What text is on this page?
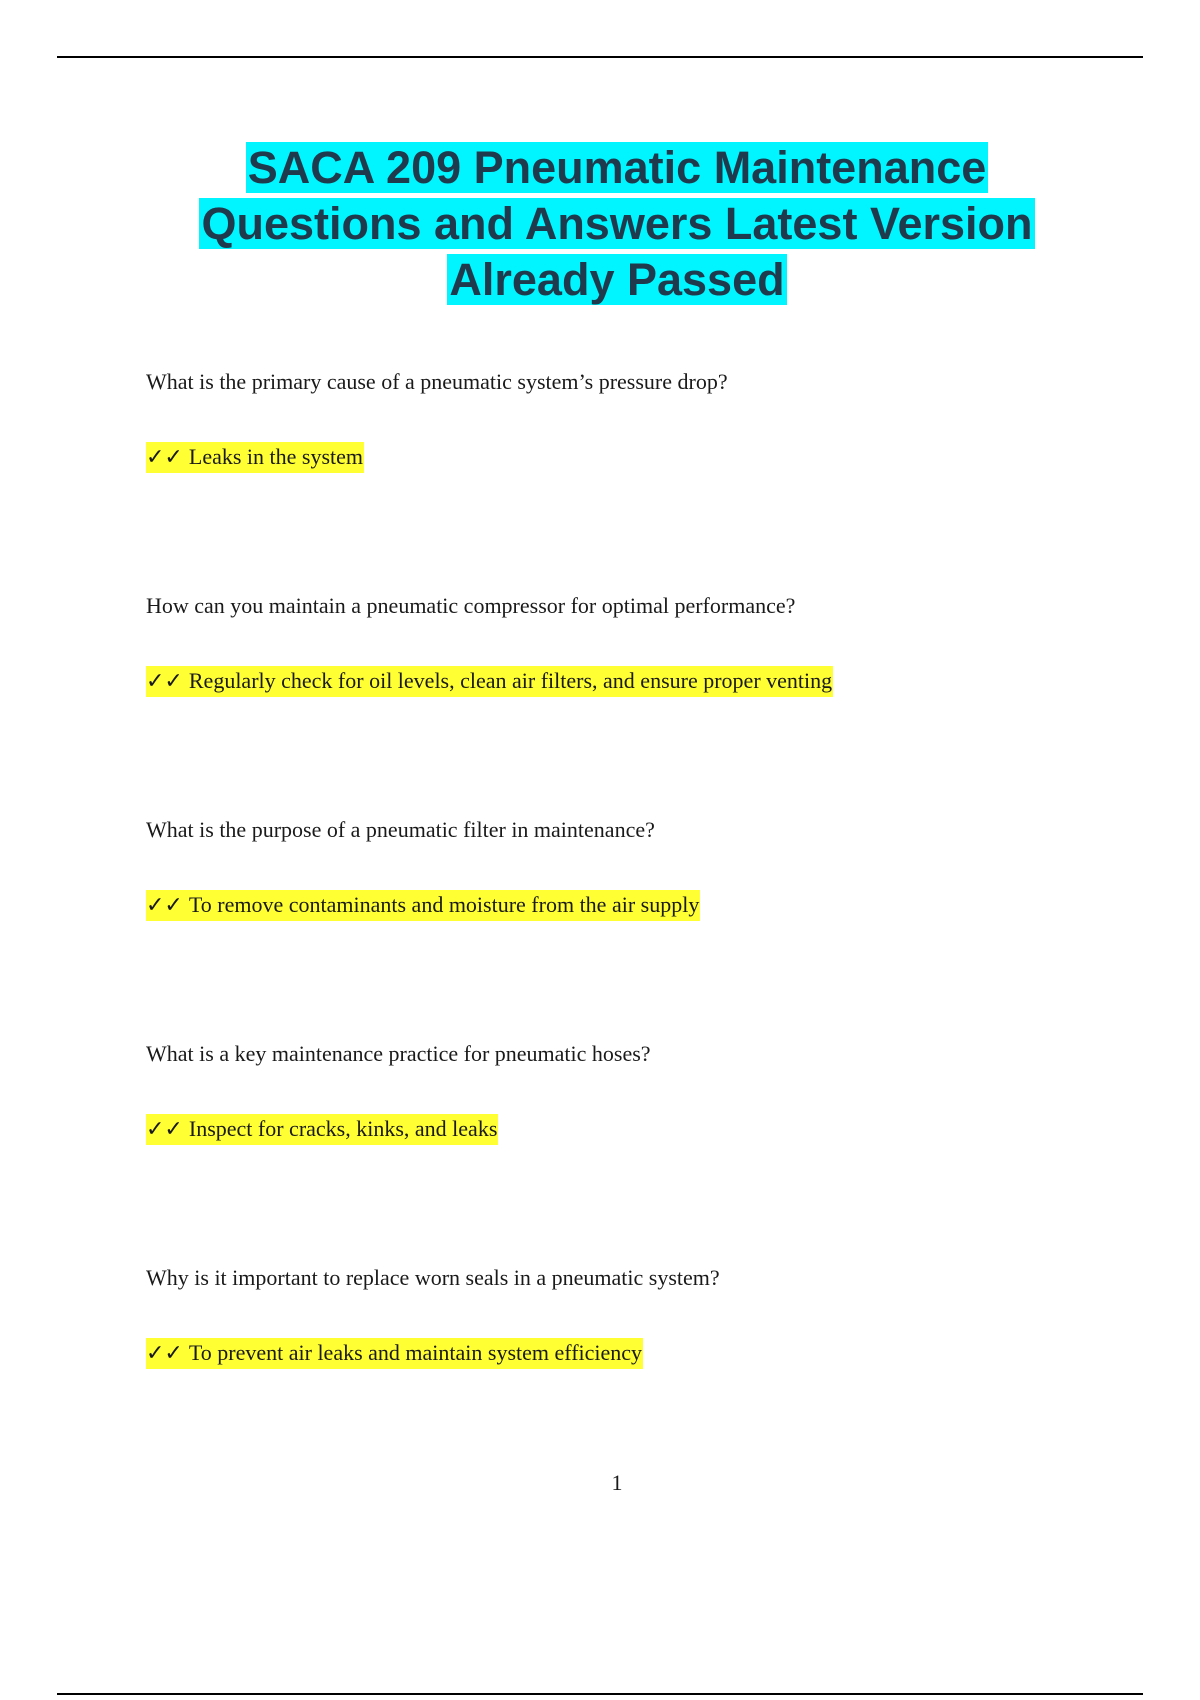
SACA 209 Pneumatic Maintenance
Questions and Answers Latest Version
Already Passed

What is the primary cause of a pneumatic system’s pressure drop?

✓✓ Leaks in the system

How can you maintain a pneumatic compressor for optimal performance?

✓✓ Regularly check for oil levels, clean air filters, and ensure proper venting

What is the purpose of a pneumatic filter in maintenance?

✓✓ To remove contaminants and moisture from the air supply

What is a key maintenance practice for pneumatic hoses?

✓✓ Inspect for cracks, kinks, and leaks

Why is it important to replace worn seals in a pneumatic system?

✓✓ To prevent air leaks and maintain system efficiency
1
